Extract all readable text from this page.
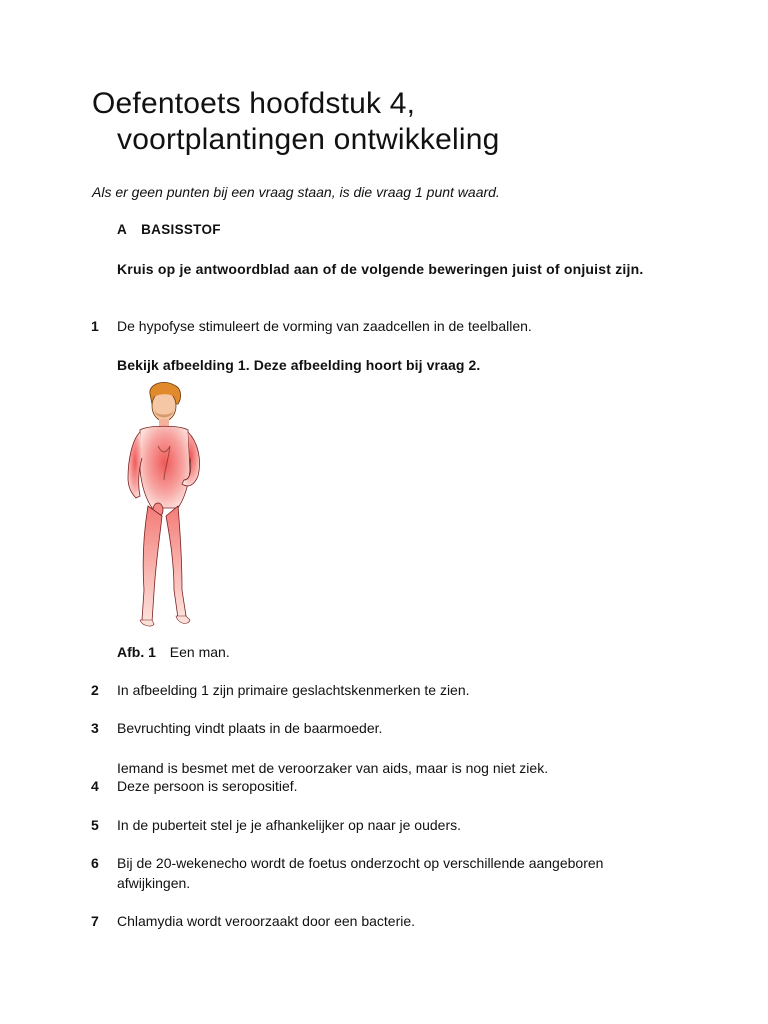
Oefentoets hoofdstuk 4,
voortplantingen ontwikkeling
Als er geen punten bij een vraag staan, is die vraag 1 punt waard.
A BASISSTOF
Kruis op je antwoordblad aan of de volgende beweringen juist of onjuist zijn.
1 De hypofyse stimuleert de vorming van zaadcellen in de teelballen.
Bekijk afbeelding 1. Deze afbeelding hoort bij vraag 2.
Afb. 1 Een man.
2 In afbeelding 1 zijn primaire geslachtskenmerken te zien.
3 Bevruchting vindt plaats in de baarmoeder.
Iemand is besmet met de veroorzaker van aids, maar is nog niet ziek.
4 Deze persoon is seropositief.
5 In de puberteit stel je je afhankelijker op naar je ouders.
6 Bij de 20-wekenecho wordt de foetus onderzocht op verschillende aangeboren afwijkingen.
7 Chlamydia wordt veroorzaakt door een bacterie.
